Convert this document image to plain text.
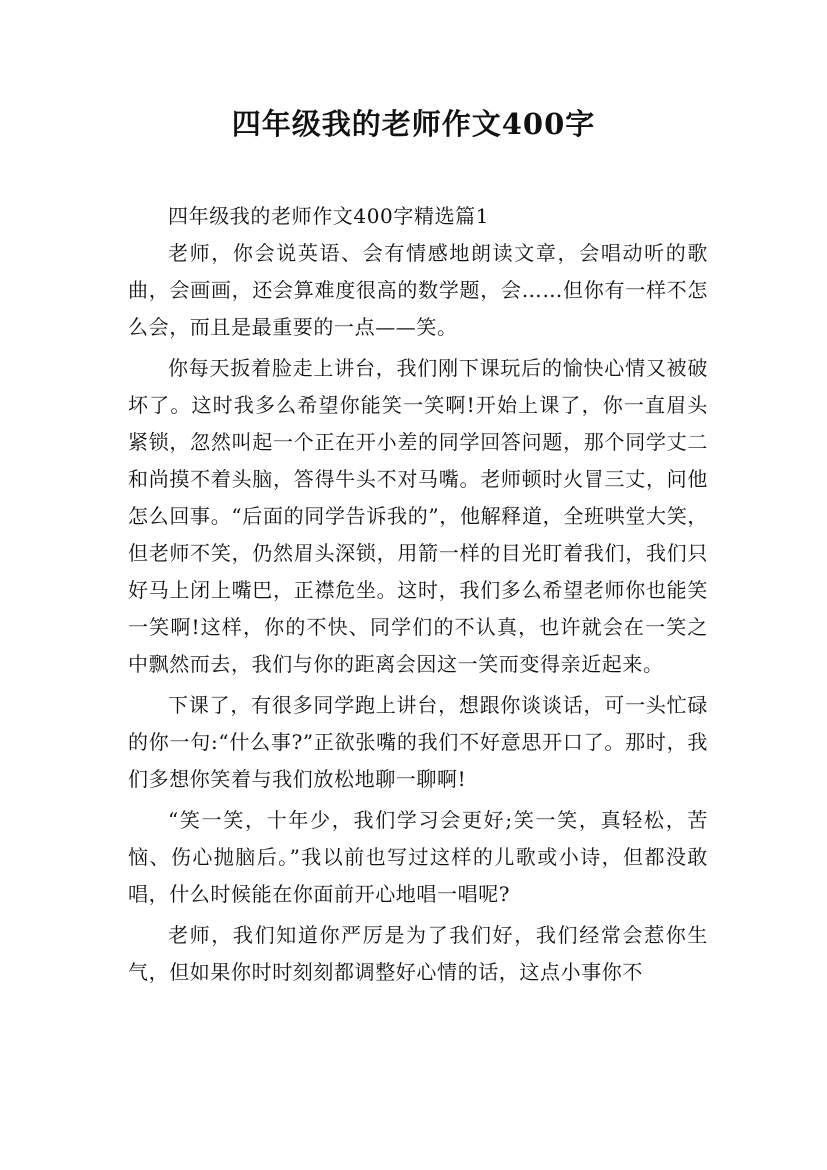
四年级我的老师作文400字

四年级我的老师作文400字精选篇1

老师，你会说英语、会有情感地朗读文章，会唱动听的歌曲，会画画，还会算难度很高的数学题，会……但你有一样不怎么会，而且是最重要的一点——笑。

你每天扳着脸走上讲台，我们刚下课玩后的愉快心情又被破坏了。这时我多么希望你能笑一笑啊!开始上课了，你一直眉头紧锁，忽然叫起一个正在开小差的同学回答问题，那个同学丈二和尚摸不着头脑，答得牛头不对马嘴。老师顿时火冒三丈，问他怎么回事。“后面的同学告诉我的”，他解释道，全班哄堂大笑，但老师不笑，仍然眉头深锁，用箭一样的目光盯着我们，我们只好马上闭上嘴巴，正襟危坐。这时，我们多么希望老师你也能笑一笑啊!这样，你的不快、同学们的不认真，也许就会在一笑之中飘然而去，我们与你的距离会因这一笑而变得亲近起来。

下课了，有很多同学跑上讲台，想跟你谈谈话，可一头忙碌的你一句:“什么事?”正欲张嘴的我们不好意思开口了。那时，我们多想你笑着与我们放松地聊一聊啊!

“笑一笑，十年少，我们学习会更好;笑一笑，真轻松，苦恼、伤心抛脑后。”我以前也写过这样的儿歌或小诗，但都没敢唱，什么时候能在你面前开心地唱一唱呢?

老师，我们知道你严厉是为了我们好，我们经常会惹你生气，但如果你时时刻刻都调整好心情的话，这点小事你不
